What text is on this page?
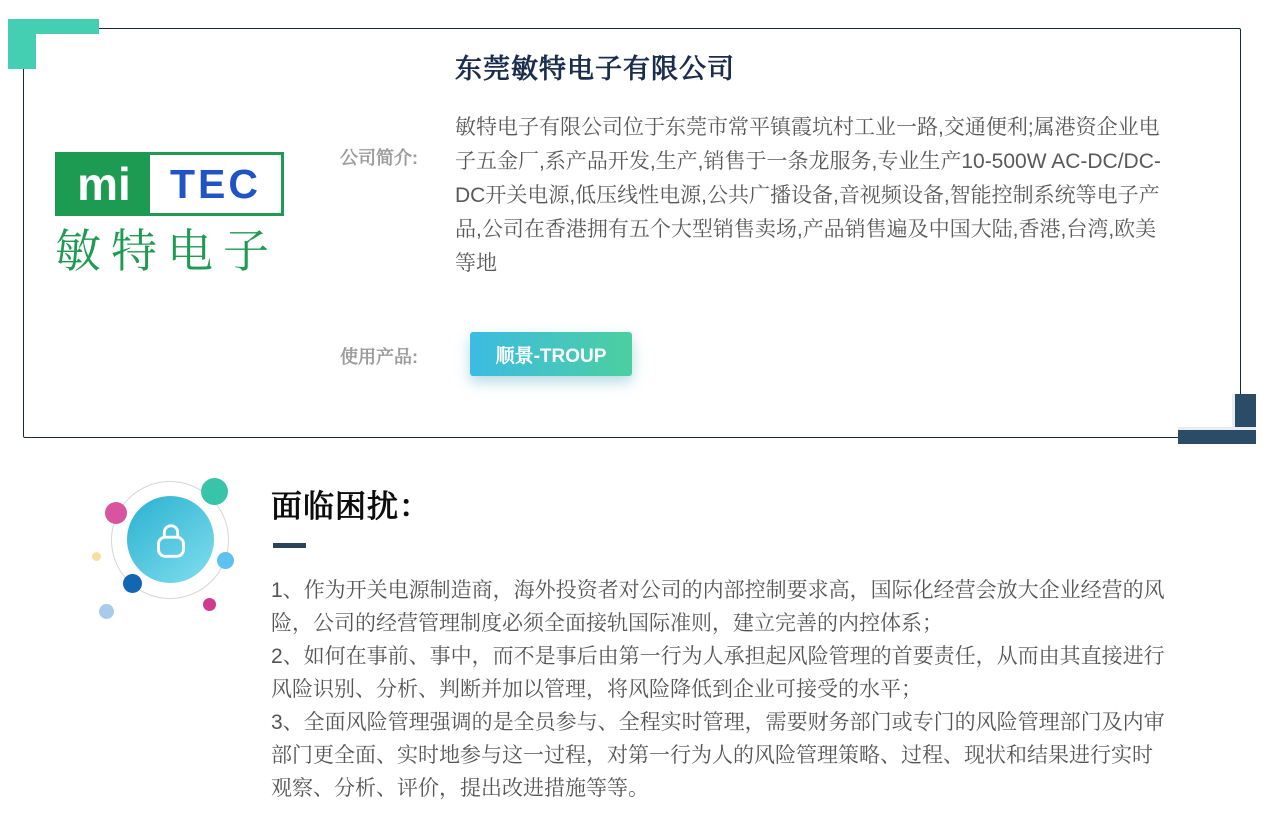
东莞敏特电子有限公司
mi TEC
敏特电子
公司简介:
敏特电子有限公司位于东莞市常平镇霞坑村工业一路,交通便利;属港资企业电子五金厂,系产品开发,生产,销售于一条龙服务,专业生产10-500W AC-DC/DC-DC开关电源,低压线性电源,公共广播设备,音视频设备,智能控制系统等电子产品,公司在香港拥有五个大型销售卖场,产品销售遍及中国大陆,香港,台湾,欧美等地
使用产品:	顺景-TROUP
面临困扰：

1、作为开关电源制造商，海外投资者对公司的内部控制要求高，国际化经营会放大企业经营的风险，公司的经营管理制度必须全面接轨国际准则，建立完善的内控体系；

2、如何在事前、事中，而不是事后由第一行为人承担起风险管理的首要责任，从而由其直接进行风险识别、分析、判断并加以管理，将风险降低到企业可接受的水平；

3、全面风险管理强调的是全员参与、全程实时管理，需要财务部门或专门的风险管理部门及内审部门更全面、实时地参与这一过程，对第一行为人的风险管理策略、过程、现状和结果进行实时观察、分析、评价，提出改进措施等等。
